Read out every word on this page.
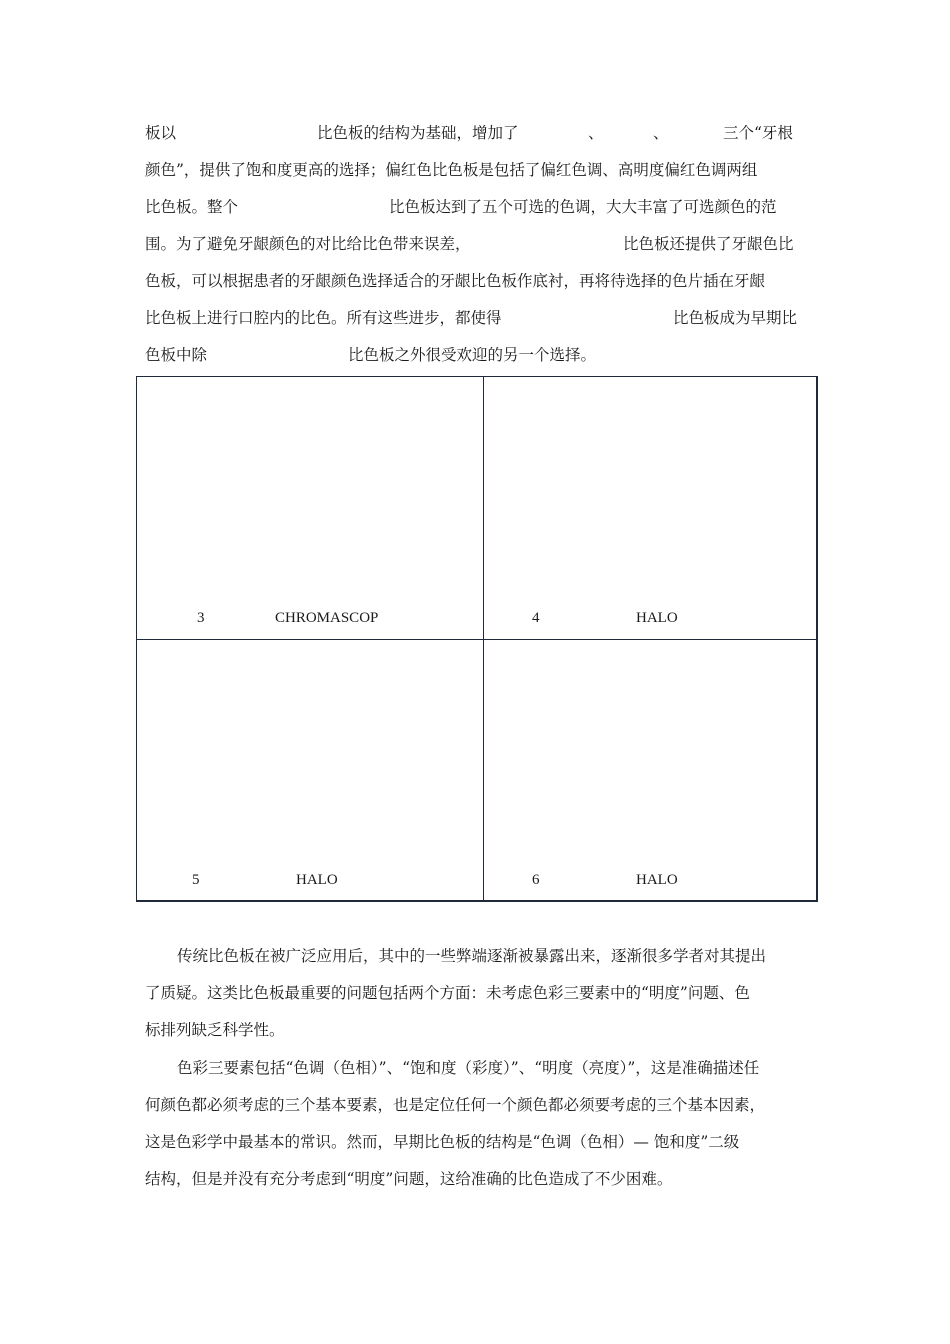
板以	比色板的结构为基础，增加了	、	、	三个“牙根
颜色”，提供了饱和度更高的选择；偏红色比色板是包括了偏红色调、高明度偏红色调两组
比色板。整个	比色板达到了五个可选的色调，大大丰富了可选颜色的范
围。为了避免牙龈颜色的对比给比色带来误差，	比色板还提供了牙龈色比
色板，可以根据患者的牙龈颜色选择适合的牙龈比色板作底衬，再将待选择的色片插在牙龈
比色板上进行口腔内的比色。所有这些进步，都使得	比色板成为早期比
色板中除	比色板之外很受欢迎的另一个选择。
3	CHROMASCOP	4	HALO
5	HALO	6	HALO
传统比色板在被广泛应用后，其中的一些弊端逐渐被暴露出来，逐渐很多学者对其提出
了质疑。这类比色板最重要的问题包括两个方面：未考虑色彩三要素中的“明度”问题、色
标排列缺乏科学性。
色彩三要素包括“色调（色相）”、“饱和度（彩度）”、“明度（亮度）”，这是准确描述任
何颜色都必须考虑的三个基本要素，也是定位任何一个颜色都必须要考虑的三个基本因素，
这是色彩学中最基本的常识。然而，早期比色板的结构是“色调（色相）— 饱和度”二级
结构，但是并没有充分考虑到“明度”问题，这给准确的比色造成了不少困难。
